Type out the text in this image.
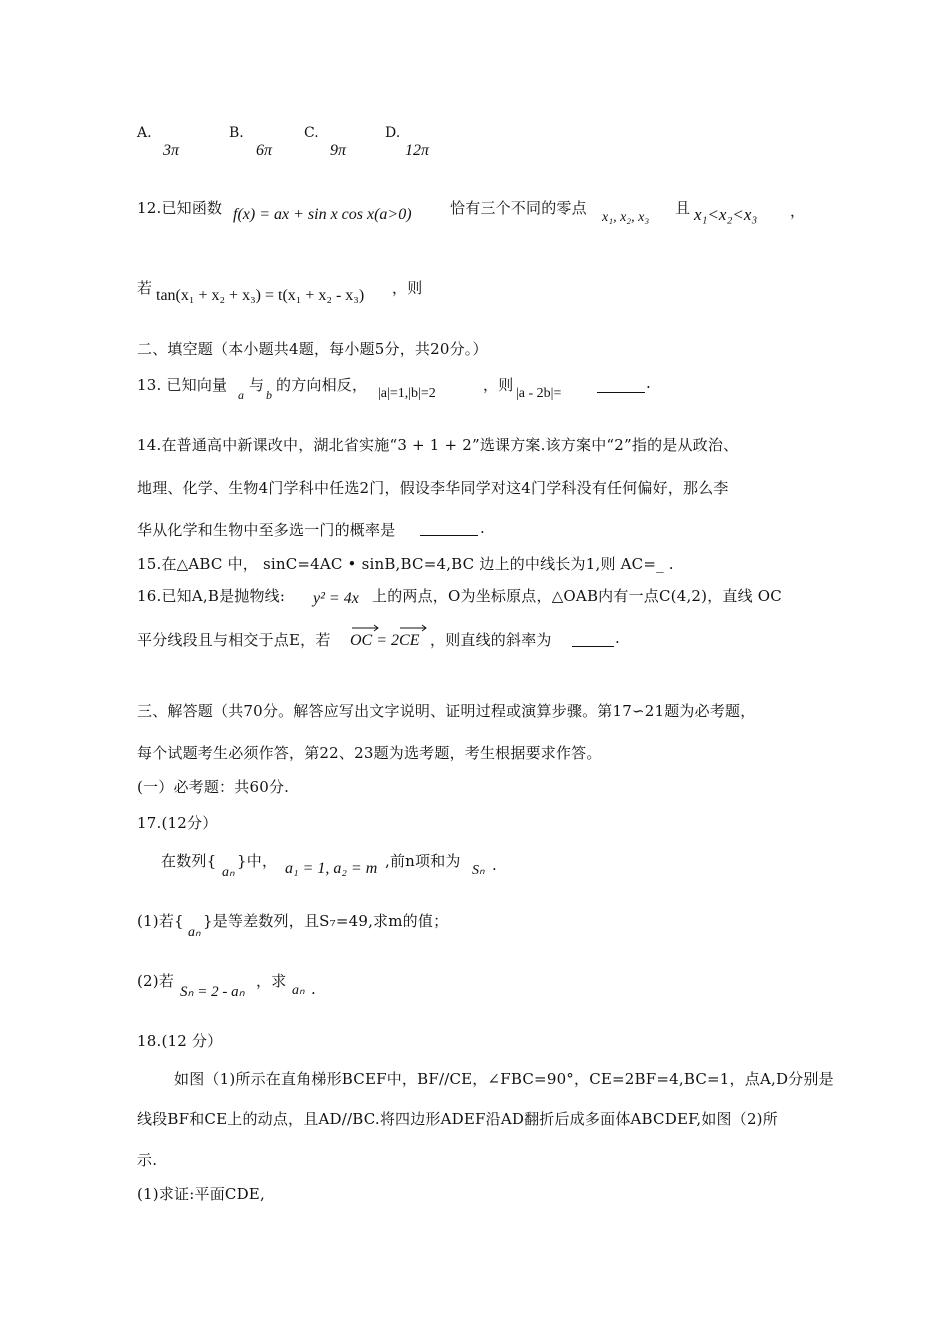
A.
3π
B.
6π
C.
9π
D.
12π
12.已知函数 f(x) = ax + sin x cos x(a>0)	恰有三个不同的零点
x₁, x₂, x₃
且 x₁<x₂<x₃ ，
若 tan(x₁ + x₂ + x₃) = t(x₁ + x₂ - x₃) ，则
二、填空题（本小题共4题，每小题5分，共20分。）
13. 已知向量
a
与
b
的方向相反， |a|=1,|b|=2	，则 |a - 2b|=
.
14.在普通高中新课改中，湖北省实施“3 + 1 + 2”选课方案.该方案中“2”指的是从政治、
地理、化学、生物4门学科中任选2门，假设李华同学对这4门学科没有任何偏好，那么李
华从化学和生物中至多选一门的概率是	.
15.在△ABC 中， sinC=4AC • sinB,BC=4,BC 边上的中线长为1,则 AC=_ .
16.已知A,B是抛物线: y² = 4x 上的两点，O为坐标原点，△OAB内有一点C(4,2)，直线 OC
平分线段且与相交于点E，若 OC = 2CE ，则直线的斜率为	.
三、解答题（共70分。解答应写出文字说明、证明过程或演算步骤。第17∽21题为必考题，
每个试题考生必须作答，第22、23题为选考题，考生根据要求作答。
(一）必考题：共60分.
17.(12分）
在数列{
aₙ
}中， a₁ = 1, a₂ = m ,前n项和为
Sₙ .
(1)若{
aₙ
}是等差数列，且S₇=49,求m的值；
(2)若
Sₙ = 2 - aₙ
，求
aₙ .
18.(12 分）
如图（1)所示在直角梯形BCEF中，BF//CE，∠FBC=90°，CE=2BF=4,BC=1，点A,D分别是
线段BF和CE上的动点，且AD//BC.将四边形ADEF沿AD翻折后成多面体ABCDEF,如图（2)所
示.
(1)求证:平面CDE,
